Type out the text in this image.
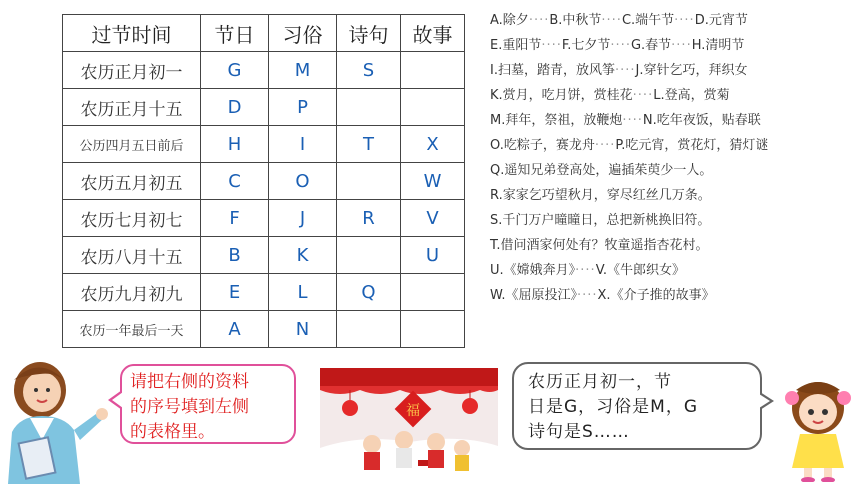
过节时间	节日	习俗	诗句	故事
农历正月初一	G	M	S	
农历正月十五	D	P		
公历四月五日前后	H	I	T	X
农历五月初五	C	O		W
农历七月初七	F	J	R	V
农历八月十五	B	K		U
农历九月初九	E	L	Q	
农历一年最后一天	A	N		
A.除夕····B.中秋节····C.端午节····D.元宵节
E.重阳节····F.七夕节····G.春节····H.清明节
I.扫墓，踏青，放风筝····J.穿针乞巧，拜织女
K.赏月，吃月饼，赏桂花····L.登高，赏菊
M.拜年，祭祖，放鞭炮····N.吃年夜饭，贴春联
O.吃粽子，赛龙舟····P.吃元宵，赏花灯，猜灯谜
Q.遥知兄弟登高处，遍插茱萸少一人。
R.家家乞巧望秋月，穿尽红丝几万条。
S.千门万户曈曈日，总把新桃换旧符。
T.借问酒家何处有？牧童遥指杏花村。
U.《嫦娥奔月》····V.《牛郎织女》
W.《屈原投江》····X.《介子推的故事》
请把右侧的资料
的序号填到左侧
的表格里。
福
农历正月初一，节
日是G，习俗是M，G
诗句是S……
